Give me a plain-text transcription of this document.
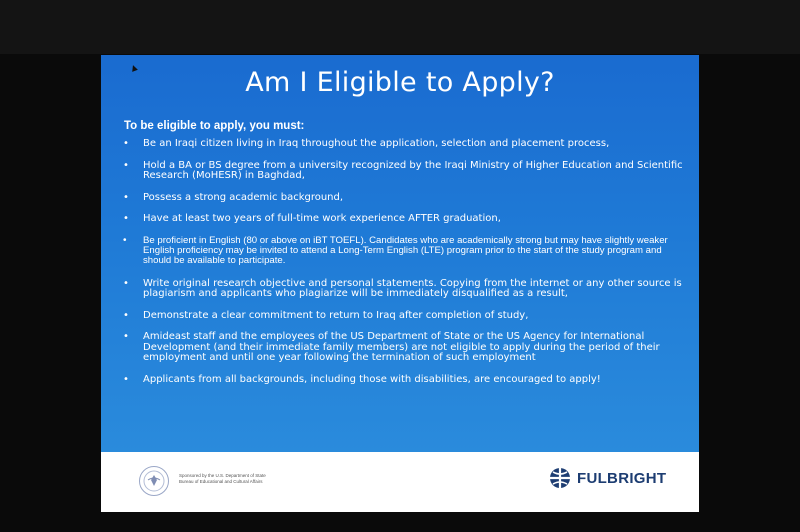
Am I Eligible to Apply?
To be eligible to apply, you must:
• Be an Iraqi citizen living in Iraq throughout the application, selection and placement process,
• Hold a BA or BS degree from a university recognized by the Iraqi Ministry of Higher Education and Scientific Research (MoHESR) in Baghdad,
• Possess a strong academic background,
• Have at least two years of full-time work experience AFTER graduation,
• Be proficient in English (80 or above on iBT TOEFL). Candidates who are academically strong but may have slightly weaker English proficiency may be invited to attend a Long-Term English (LTE) program prior to the start of the study program and should be available to participate.
• Write original research objective and personal statements. Copying from the internet or any other source is plagiarism and applicants who plagiarize will be immediately disqualified as a result,
• Demonstrate a clear commitment to return to Iraq after completion of study,
• Amideast staff and the employees of the US Department of State or the US Agency for International Development (and their immediate family members) are not eligible to apply during the period of their employment and until one year following the termination of such employment
• Applicants from all backgrounds, including those with disabilities, are encouraged to apply!
Sponsored by the U.S. Department of State
Bureau of Educational and Cultural Affairs	FULBRIGHT
